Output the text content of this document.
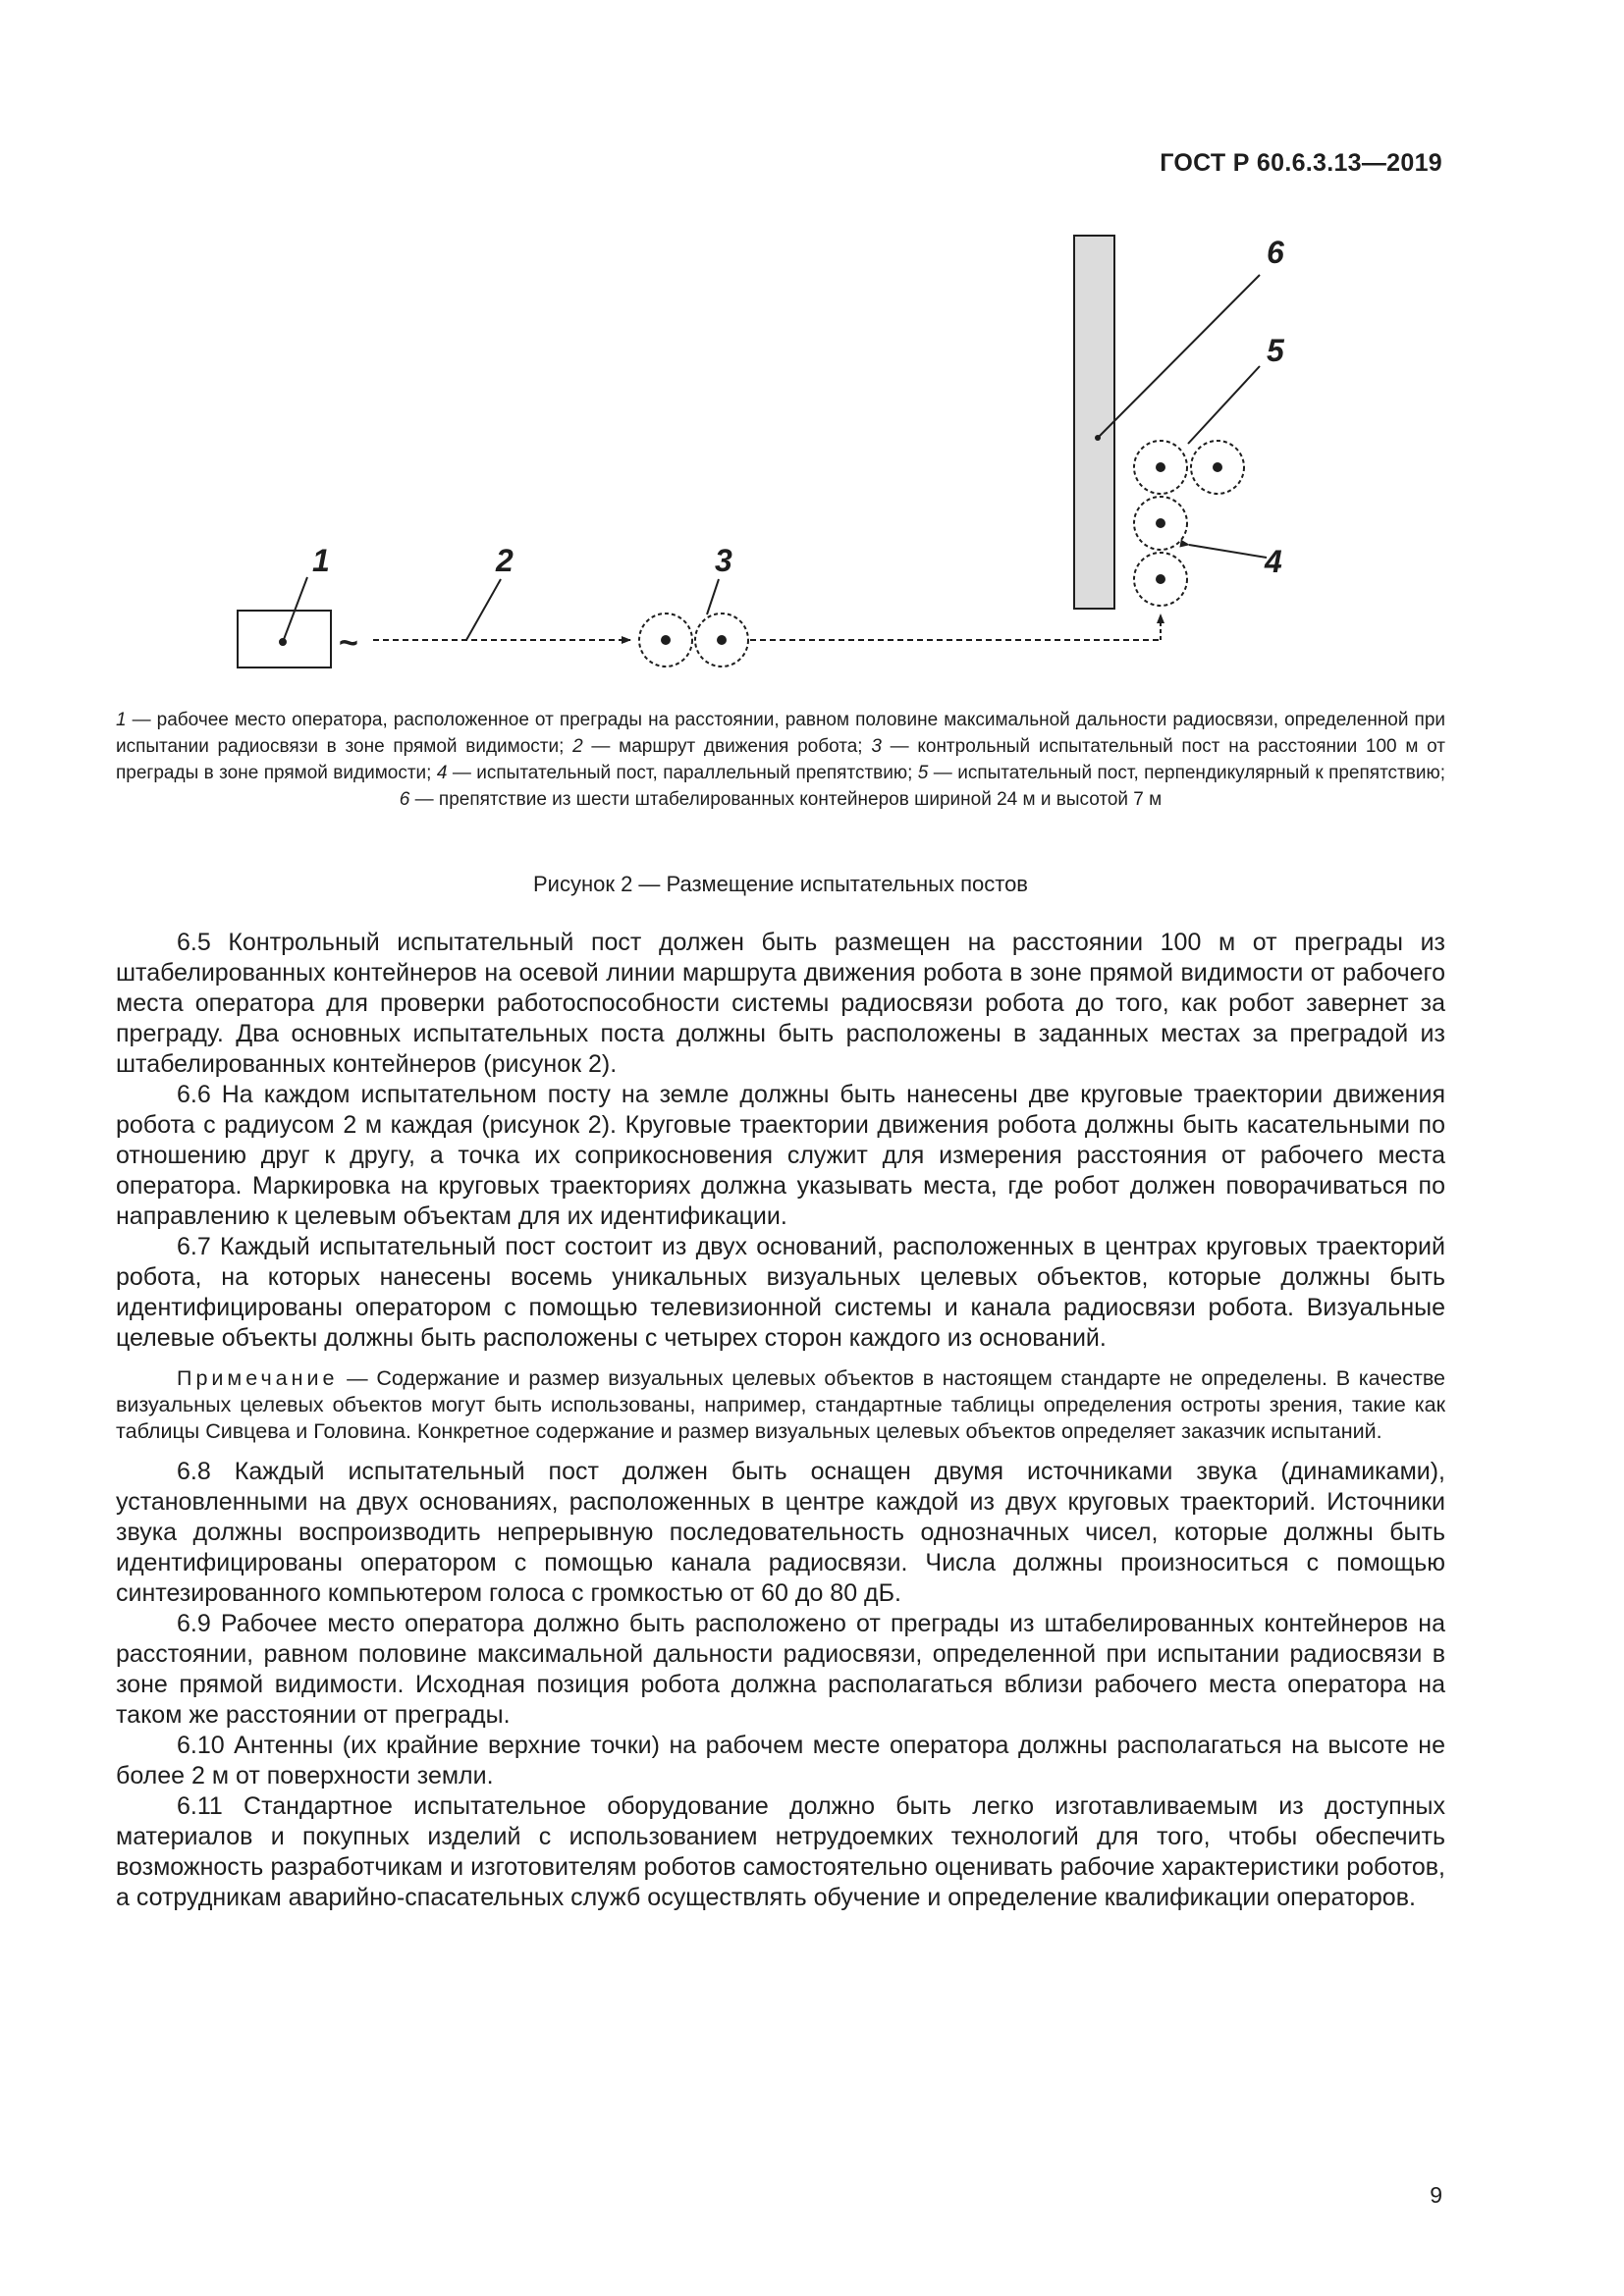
ГОСТ Р 60.6.3.13—2019
1	2	3	4
5
6
~
1 — рабочее место оператора, расположенное от преграды на расстоянии, равном половине максимальной дальности радиосвязи, определенной при испытании радиосвязи в зоне прямой видимости; 2 — маршрут движения робота; 3 — контрольный испытательный пост на расстоянии 100 м от преграды в зоне прямой видимости; 4 — испытательный пост, параллельный препятствию; 5 — испытательный пост, перпендикулярный к препятствию; 6 — препятствие из шести штабелированных контейнеров шириной 24 м и высотой 7 м
Рисунок 2 — Размещение испытательных постов

6.5 Контрольный испытательный пост должен быть размещен на расстоянии 100 м от преграды из штабелированных контейнеров на осевой линии маршрута движения робота в зоне прямой видимости от рабочего места оператора для проверки работоспособности системы радиосвязи робота до того, как робот завернет за преграду. Два основных испытательных поста должны быть расположены в заданных местах за преградой из штабелированных контейнеров (рисунок 2).

6.6 На каждом испытательном посту на земле должны быть нанесены две круговые траектории движения робота с радиусом 2 м каждая (рисунок 2). Круговые траектории движения робота должны быть касательными по отношению друг к другу, а точка их соприкосновения служит для измерения расстояния от рабочего места оператора. Маркировка на круговых траекториях должна указывать места, где робот должен поворачиваться по направлению к целевым объектам для их идентификации.

6.7 Каждый испытательный пост состоит из двух оснований, расположенных в центрах круговых траекторий робота, на которых нанесены восемь уникальных визуальных целевых объектов, которые должны быть идентифицированы оператором с помощью телевизионной системы и канала радиосвязи робота. Визуальные целевые объекты должны быть расположены с четырех сторон каждого из оснований.

Примечание — Содержание и размер визуальных целевых объектов в настоящем стандарте не определены. В качестве визуальных целевых объектов могут быть использованы, например, стандартные таблицы определения остроты зрения, такие как таблицы Сивцева и Головина. Конкретное содержание и размер визуальных целевых объектов определяет заказчик испытаний.

6.8 Каждый испытательный пост должен быть оснащен двумя источниками звука (динамиками), установленными на двух основаниях, расположенных в центре каждой из двух круговых траекторий. Источники звука должны воспроизводить непрерывную последовательность однозначных чисел, которые должны быть идентифицированы оператором с помощью канала радиосвязи. Числа должны произноситься с помощью синтезированного компьютером голоса с громкостью от 60 до 80 дБ.

6.9 Рабочее место оператора должно быть расположено от преграды из штабелированных контейнеров на расстоянии, равном половине максимальной дальности радиосвязи, определенной при испытании радиосвязи в зоне прямой видимости. Исходная позиция робота должна располагаться вблизи рабочего места оператора на таком же расстоянии от преграды.

6.10 Антенны (их крайние верхние точки) на рабочем месте оператора должны располагаться на высоте не более 2 м от поверхности земли.

6.11 Стандартное испытательное оборудование должно быть легко изготавливаемым из доступных материалов и покупных изделий с использованием нетрудоемких технологий для того, чтобы обеспечить возможность разработчикам и изготовителям роботов самостоятельно оценивать рабочие характеристики роботов, а сотрудникам аварийно-спасательных служб осуществлять обучение и определение квалификации операторов.

9
